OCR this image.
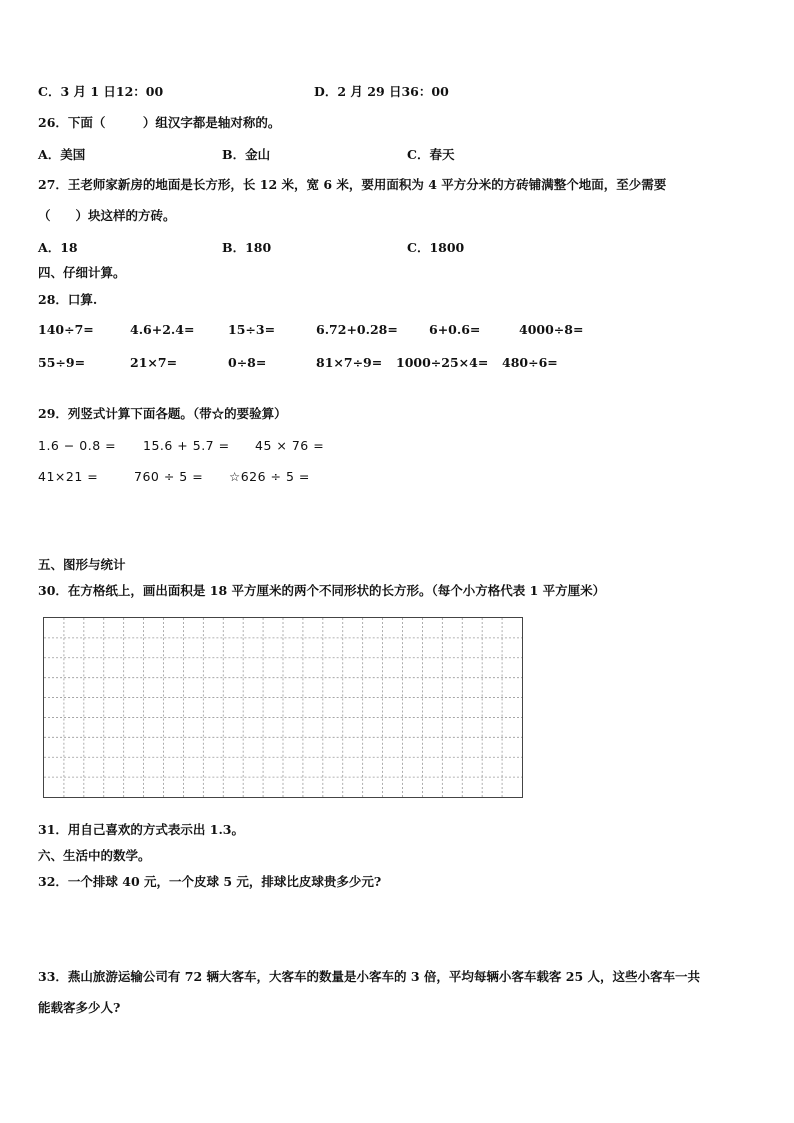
C．3 月 1 日12：00	D．2 月 29 日36：00
26．下面（　　　）组汉字都是轴对称的。
A．美国	B．金山	C．春天
27．王老师家新房的地面是长方形，长 12 米，宽 6 米，要用面积为 4 平方分米的方砖铺满整个地面，至少需要
（　　）块这样的方砖。
A．18	B．180	C．1800
四、仔细计算。
28．口算.
140÷7=	4.6+2.4=	15÷3=	6.72+0.28= 6+0.6=	4000÷8=
55÷9=	21×7=	0÷8=	81×7÷9= 1000÷25×4= 480÷6=
29．列竖式计算下面各题。（带☆的要验算）
1.6 − 0.8 = 15.6 + 5.7 = 45 × 76 =
41×21 =	760 ÷ 5 = ☆626 ÷ 5 =
五、图形与统计
30．在方格纸上，画出面积是 18 平方厘米的两个不同形状的长方形。（每个小方格代表 1 平方厘米）
31．用自己喜欢的方式表示出 1.3。
六、生活中的数学。
32．一个排球 40 元，一个皮球 5 元，排球比皮球贵多少元?
33．燕山旅游运输公司有 72 辆大客车，大客车的数量是小客车的 3 倍，平均每辆小客车载客 25 人，这些小客车一共
能载客多少人?
